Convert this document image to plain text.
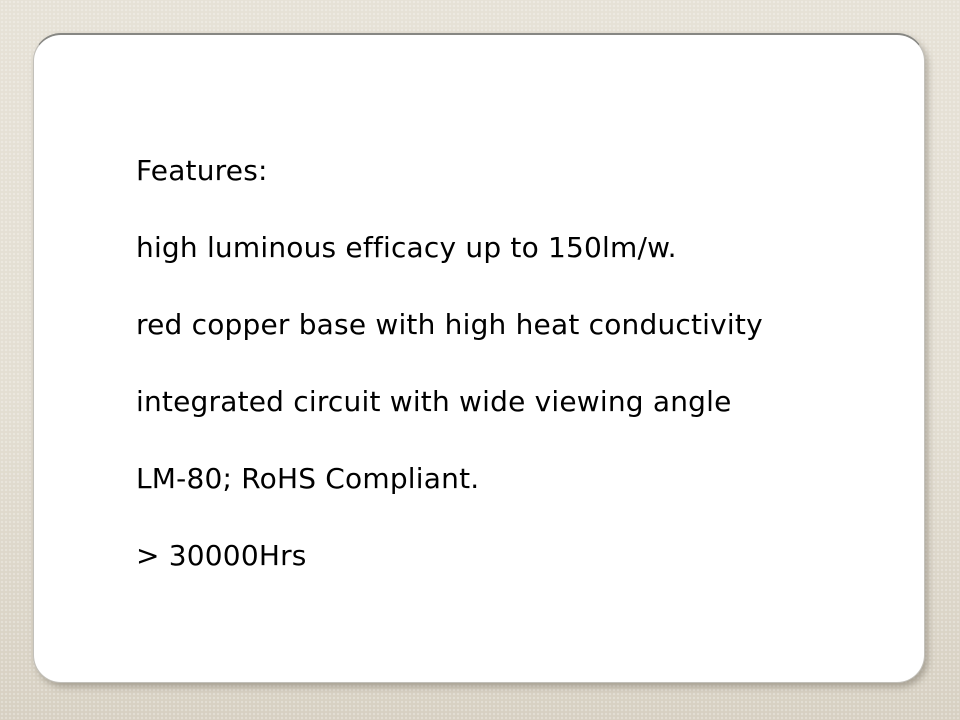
Features:

high luminous efficacy up to 150lm/w.

red copper base with high heat conductivity

integrated circuit with wide viewing angle

LM-80; RoHS Compliant.

> 30000Hrs
